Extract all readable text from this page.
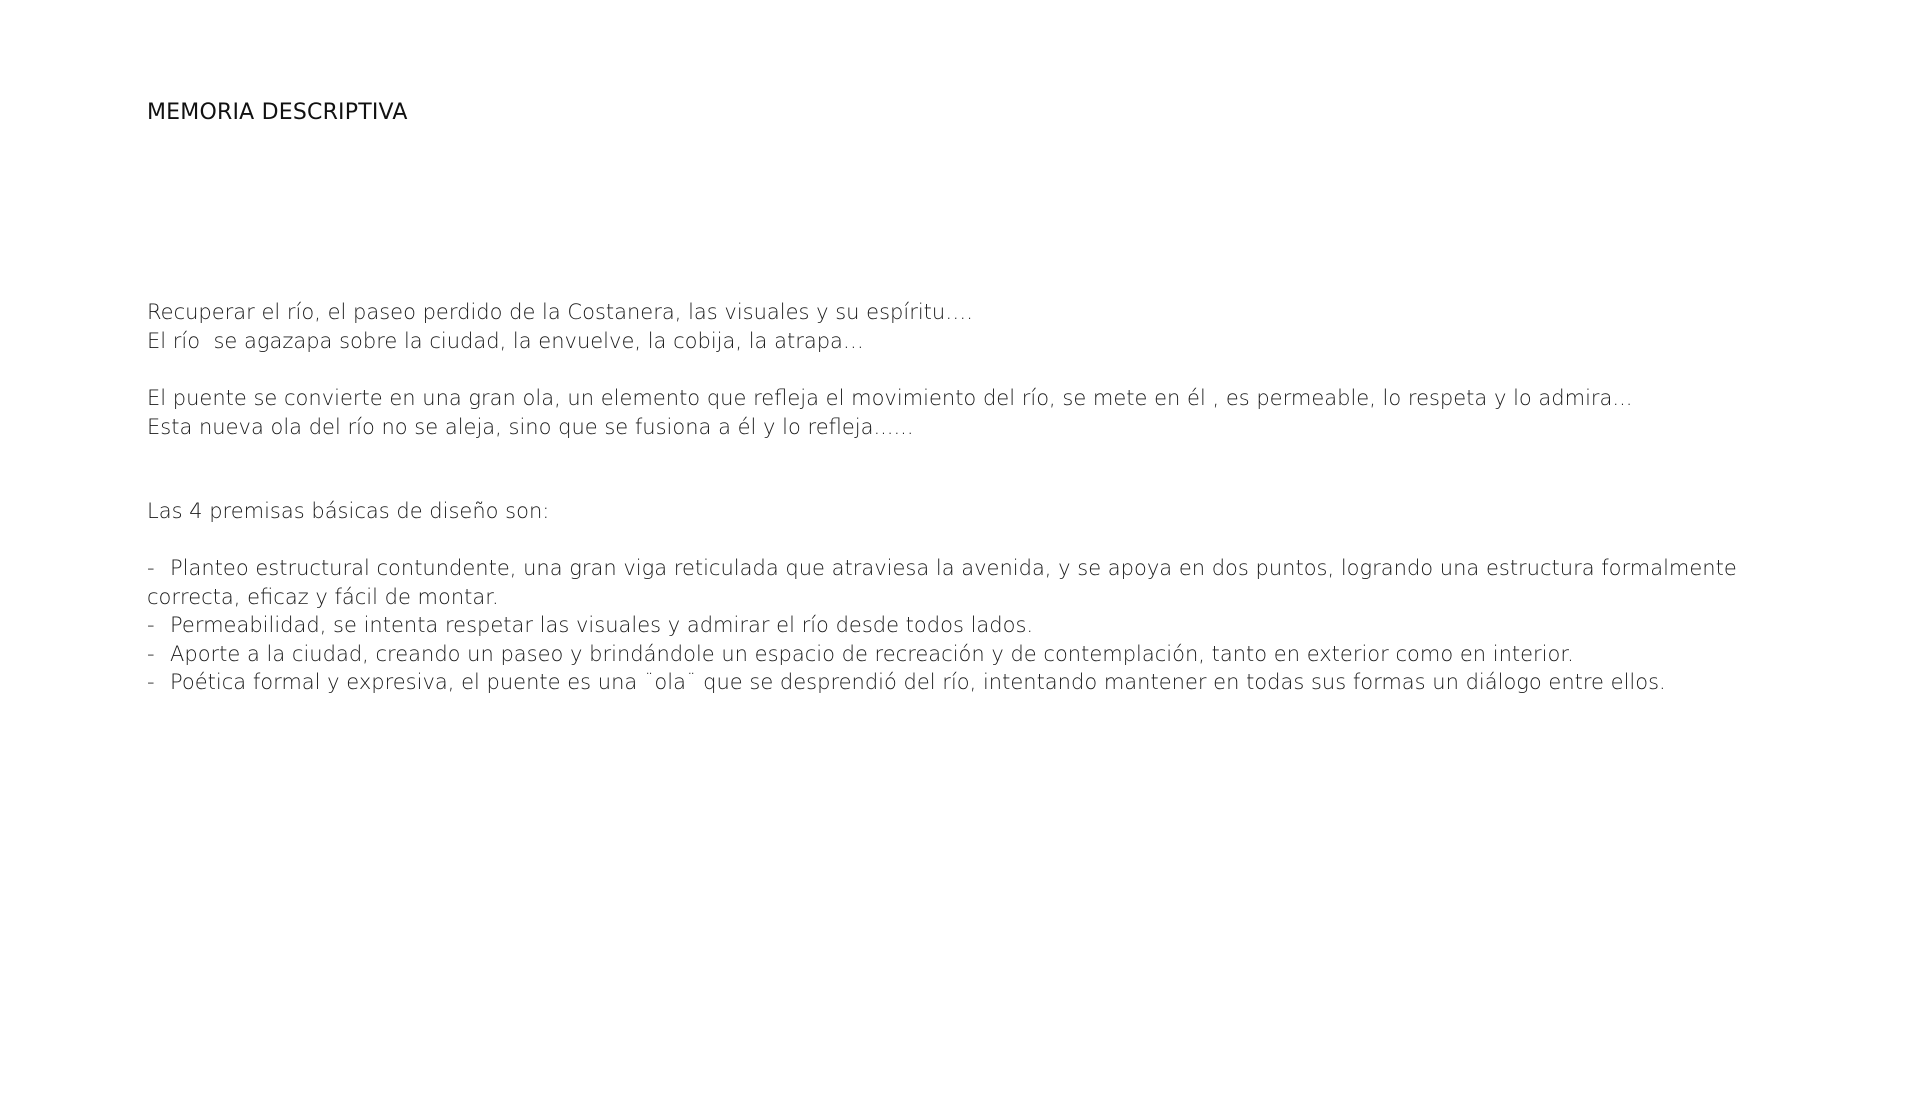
MEMORIA DESCRIPTIVA
Recuperar el río, el paseo perdido de la Costanera, las visuales y su espíritu….
El río  se agazapa sobre la ciudad, la envuelve, la cobija, la atrapa…
El puente se convierte en una gran ola, un elemento que refleja el movimiento del río, se mete en él , es permeable, lo respeta y lo admira...
Esta nueva ola del río no se aleja, sino que se fusiona a él y lo refleja......
Las 4 premisas básicas de diseño son:
- Planteo estructural contundente, una gran viga reticulada que atraviesa la avenida, y se apoya en dos puntos, logrando una estructura formalmente correcta, eficaz y fácil de montar.
- Permeabilidad, se intenta respetar las visuales y admirar el río desde todos lados.
- Aporte a la ciudad, creando un paseo y brindándole un espacio de recreación y de contemplación, tanto en exterior como en interior.
- Poética formal y expresiva, el puente es una ¨ola¨ que se desprendió del río, intentando mantener en todas sus formas un diálogo entre ellos.
